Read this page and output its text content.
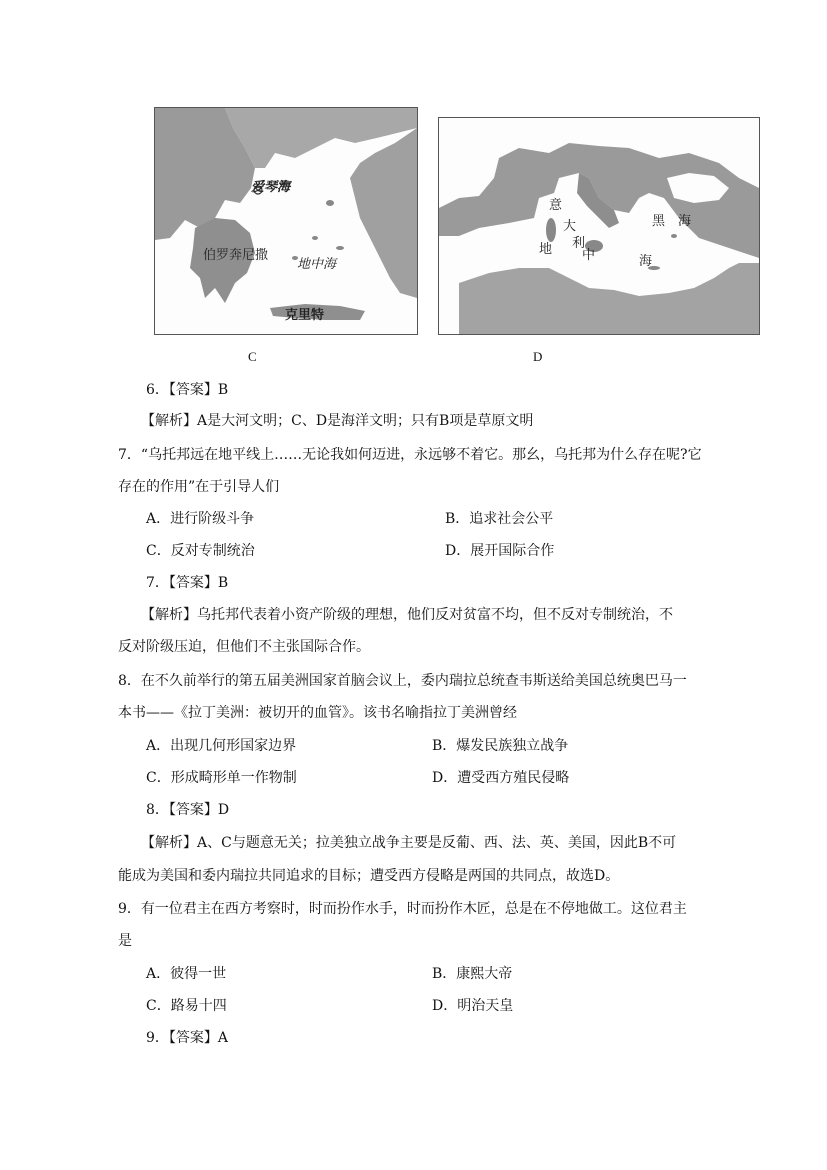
爱琴海
伯罗奔尼撒
地中海
克里特
C
意
大
利
地 中	海
黑　海
D
6．【答案】B
【解析】A是大河文明；C、D是海洋文明；只有B项是草原文明
7．“乌托邦远在地平线上……无论我如何迈进，永远够不着它。那幺，乌托邦为什么存在呢?它
存在的作用”在于引导人们
A．进行阶级斗争	B．追求社会公平
C．反对专制统治	D．展开国际合作
7．【答案】B
【解析】乌托邦代表着小资产阶级的理想，他们反对贫富不均，但不反对专制统治，不
反对阶级压迫，但他们不主张国际合作。
8．在不久前举行的第五届美洲国家首脑会议上，委内瑞拉总统查韦斯送给美国总统奥巴马一
本书——《拉丁美洲：被切开的血管》。该书名喻指拉丁美洲曾经
A．出现几何形国家边界	B．爆发民族独立战争
C．形成畸形单一作物制	D．遭受西方殖民侵略
8．【答案】D
【解析】A、C与题意无关；拉美独立战争主要是反葡、西、法、英、美国，因此B不可
能成为美国和委内瑞拉共同追求的目标；遭受西方侵略是两国的共同点，故选D。
9．有一位君主在西方考察时，时而扮作水手，时而扮作木匠，总是在不停地做工。这位君主
是
A．彼得一世	B．康熙大帝
C．路易十四	D．明治天皇
9．【答案】A
